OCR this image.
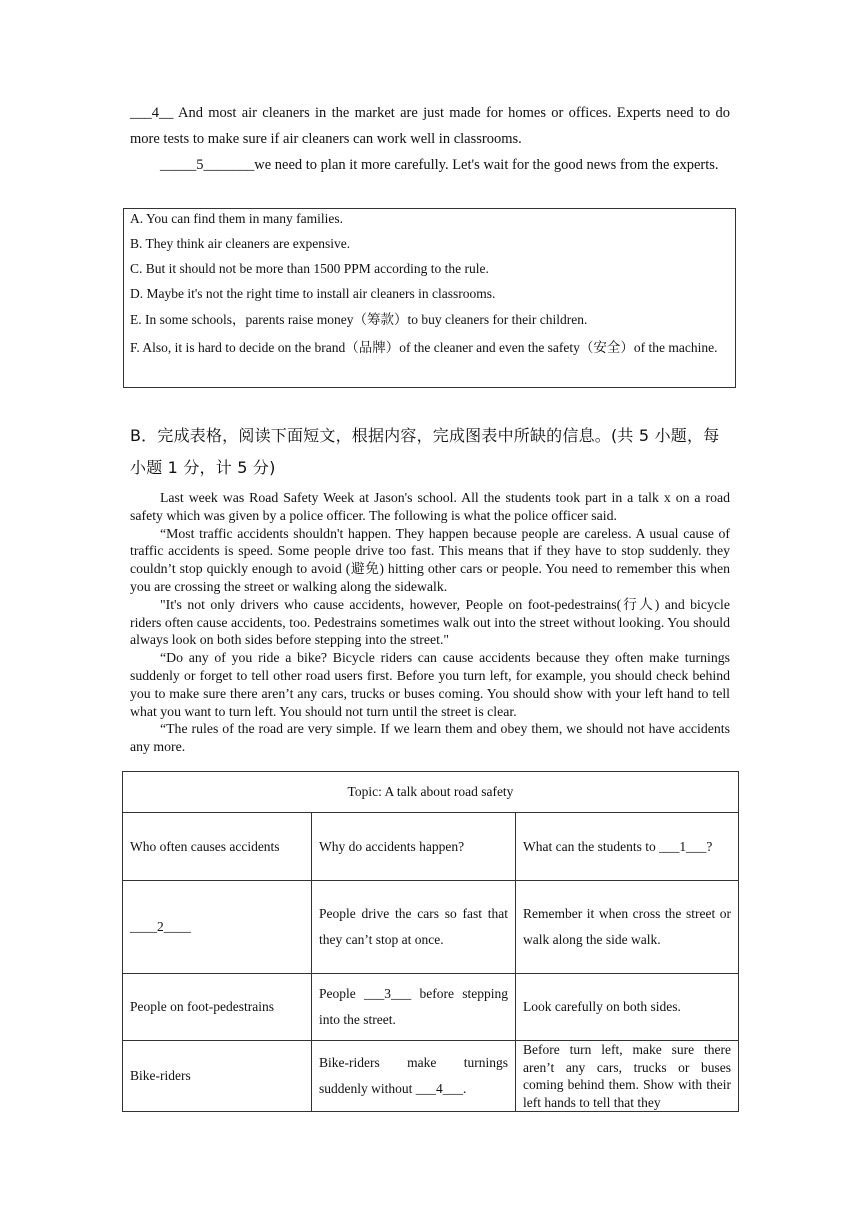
___4__ And most air cleaners in the market are just made for homes or offices. Experts need to do more tests to make sure if air cleaners can work well in classrooms.

_____5_______we need to plan it more carefully. Let's wait for the good news from the experts.

A. You can find them in many families.

B. They think air cleaners are expensive.

C. But it should not be more than 1500 PPM according to the rule.

D. Maybe it's not the right time to install air cleaners in classrooms.

E. In some schools，parents raise money（筹款）to buy cleaners for their children.

F. Also, it is hard to decide on the brand（品牌）of the cleaner and even the safety（安全）of the machine.

B．完成表格，阅读下面短文，根据内容，完成图表中所缺的信息。(共 5 小题，每小题 1 分，计 5 分)

Last week was Road Safety Week at Jason's school. All the students took part in a talk x on a road safety which was given by a police officer. The following is what the police officer said.

“Most traffic accidents shouldn't happen. They happen because people are careless. A usual cause of traffic accidents is speed. Some people drive too fast. This means that if they have to stop suddenly. they couldn’t stop quickly enough to avoid (避免) hitting other cars or people. You need to remember this when you are crossing the street or walking along the sidewalk.

"It's not only drivers who cause accidents, however, People on foot-pedestrains(行人) and bicycle riders often cause accidents, too. Pedestrains sometimes walk out into the street without looking. You should always look on both sides before stepping into the street."

“Do any of you ride a bike? Bicycle riders can cause accidents because they often make turnings suddenly or forget to tell other road users first. Before you turn left, for example, you should check behind you to make sure there aren’t any cars, trucks or buses coming. You should show with your left hand to tell what you want to turn left. You should not turn until the street is clear.

“The rules of the road are very simple. If we learn them and obey them, we should not have accidents any more.

Topic: A talk about road safety		
Who often causes accidents	Why do accidents happen?	What can the students to ___1___?
____2____	People drive the cars so fast that they can’t stop at once.	Remember it when cross the street or walk along the side walk.
People on foot-pedestrains	People ___3___ before stepping into the street.	Look carefully on both sides.
Bike-riders	Bike-riders make turnings suddenly without ___4___.	Before turn left, make sure there aren’t any cars, trucks or buses coming behind them. Show with their left hands to tell that they
